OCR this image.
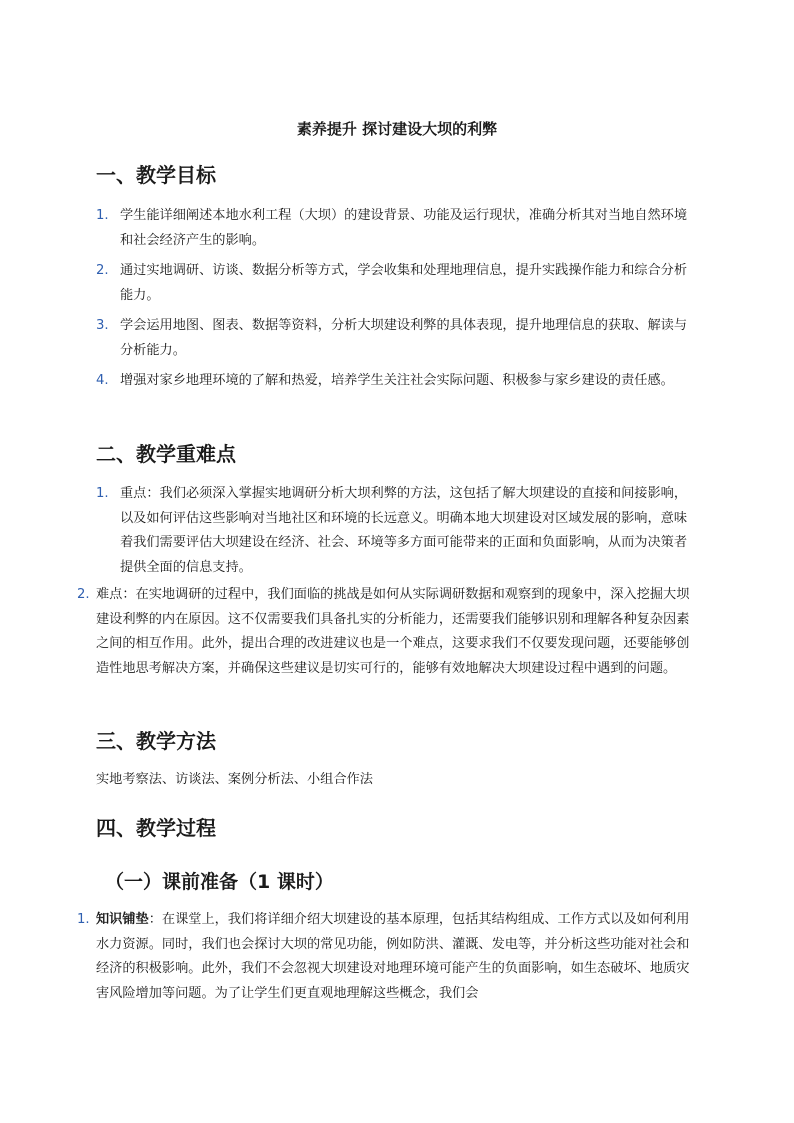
素养提升 探讨建设大坝的利弊
一、教学目标
1. 学生能详细阐述本地水利工程（大坝）的建设背景、功能及运行现状，准确分析其对当地自然环境和社会经济产生的影响。
2. 通过实地调研、访谈、数据分析等方式，学会收集和处理地理信息，提升实践操作能力和综合分析能力。
3. 学会运用地图、图表、数据等资料，分析大坝建设利弊的具体表现，提升地理信息的获取、解读与分析能力。
4. 增强对家乡地理环境的了解和热爱，培养学生关注社会实际问题、积极参与家乡建设的责任感。
二、教学重难点
1. 重点：我们必须深入掌握实地调研分析大坝利弊的方法，这包括了解大坝建设的直接和间接影响，以及如何评估这些影响对当地社区和环境的长远意义。明确本地大坝建设对区域发展的影响，意味着我们需要评估大坝建设在经济、社会、环境等多方面可能带来的正面和负面影响，从而为决策者提供全面的信息支持。
2. 难点：在实地调研的过程中，我们面临的挑战是如何从实际调研数据和观察到的现象中，深入挖掘大坝建设利弊的内在原因。这不仅需要我们具备扎实的分析能力，还需要我们能够识别和理解各种复杂因素之间的相互作用。此外，提出合理的改进建议也是一个难点，这要求我们不仅要发现问题，还要能够创造性地思考解决方案，并确保这些建议是切实可行的，能够有效地解决大坝建设过程中遇到的问题。
三、教学方法

实地考察法、访谈法、案例分析法、小组合作法

四、教学过程
（一）课前准备（1 课时）
1. 知识铺垫：在课堂上，我们将详细介绍大坝建设的基本原理，包括其结构组成、工作方式以及如何利用水力资源。同时，我们也会探讨大坝的常见功能，例如防洪、灌溉、发电等，并分析这些功能对社会和经济的积极影响。此外，我们不会忽视大坝建设对地理环境可能产生的负面影响，如生态破坏、地质灾害风险增加等问题。为了让学生们更直观地理解这些概念，我们会
